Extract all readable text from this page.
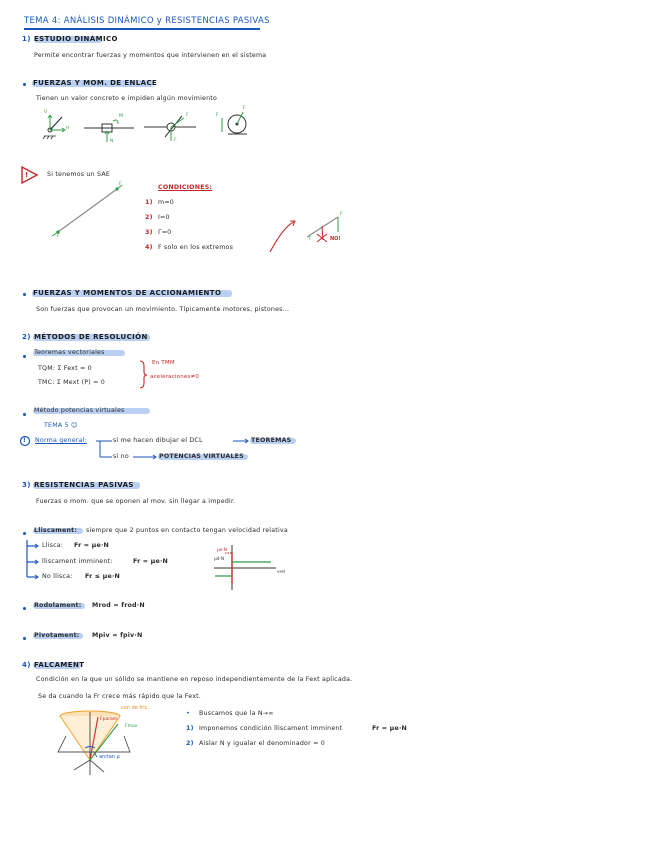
TEMA 4: ANÁLISIS DINÁMICO y RESISTENCIAS PASIVAS
1) ESTUDIO DINÁMICO
Permite encontrar fuerzas y momentos que intervienen en el sistema
FUERZAS Y MOM. DE ENLACE
Tienen un valor concreto e impiden algún movimiento
V
H
M
N	F
F	F
F
!	Si tenemos un SAE
F
F
F
F	NO!
CONDICIONES:
1) m=0
2) I=0
3) Γ=0
4) F solo en los extremos
FUERZAS Y MOMENTOS DE ACCIONAMIENTO
Son fuerzas que provocan un movimiento. Típicamente motores, pistones...
2) MÉTODOS DE RESOLUCIÓN
Teoremas vectoriales
TQM: Σ Fext = 0
TMC: Σ Mext (P) = 0
En TMM
aceleraciones≠0
Método potencias virtuales
TEMA 5 ☺
! Norma general:	si me hacen dibujar el DCL	TEOREMAS
si no	POTENCIAS VIRTUALES
3) RESISTENCIAS PASIVAS
Fuerzas o mom. que se oponen al mov. sin llegar a impedir.
Lliscament: siempre que 2 puntos en contacto tengan velocidad relativa
Llisca: Fr = μe·N
lliscament imminent:	Fr = μe·N
No llisca: Fr ≤ μe·N
μe·N
μd·N
vrel
Rodolament: Mrod = frod·N
Pivotament: Mpiv = fpiv·N
4) FALCAMENT
Condición en la que un sólido se mantiene en reposo independientemente de la Fext aplicada.
Se da cuando la Fr crece más rápido que la Fext.
con de fric.
Fparam
Fmax
arctan μ
• Buscamos que la N→∞
1) Imponemos condición lliscament imminent	Fr = μe·N
2) Aislar N y igualar el denominador = 0
